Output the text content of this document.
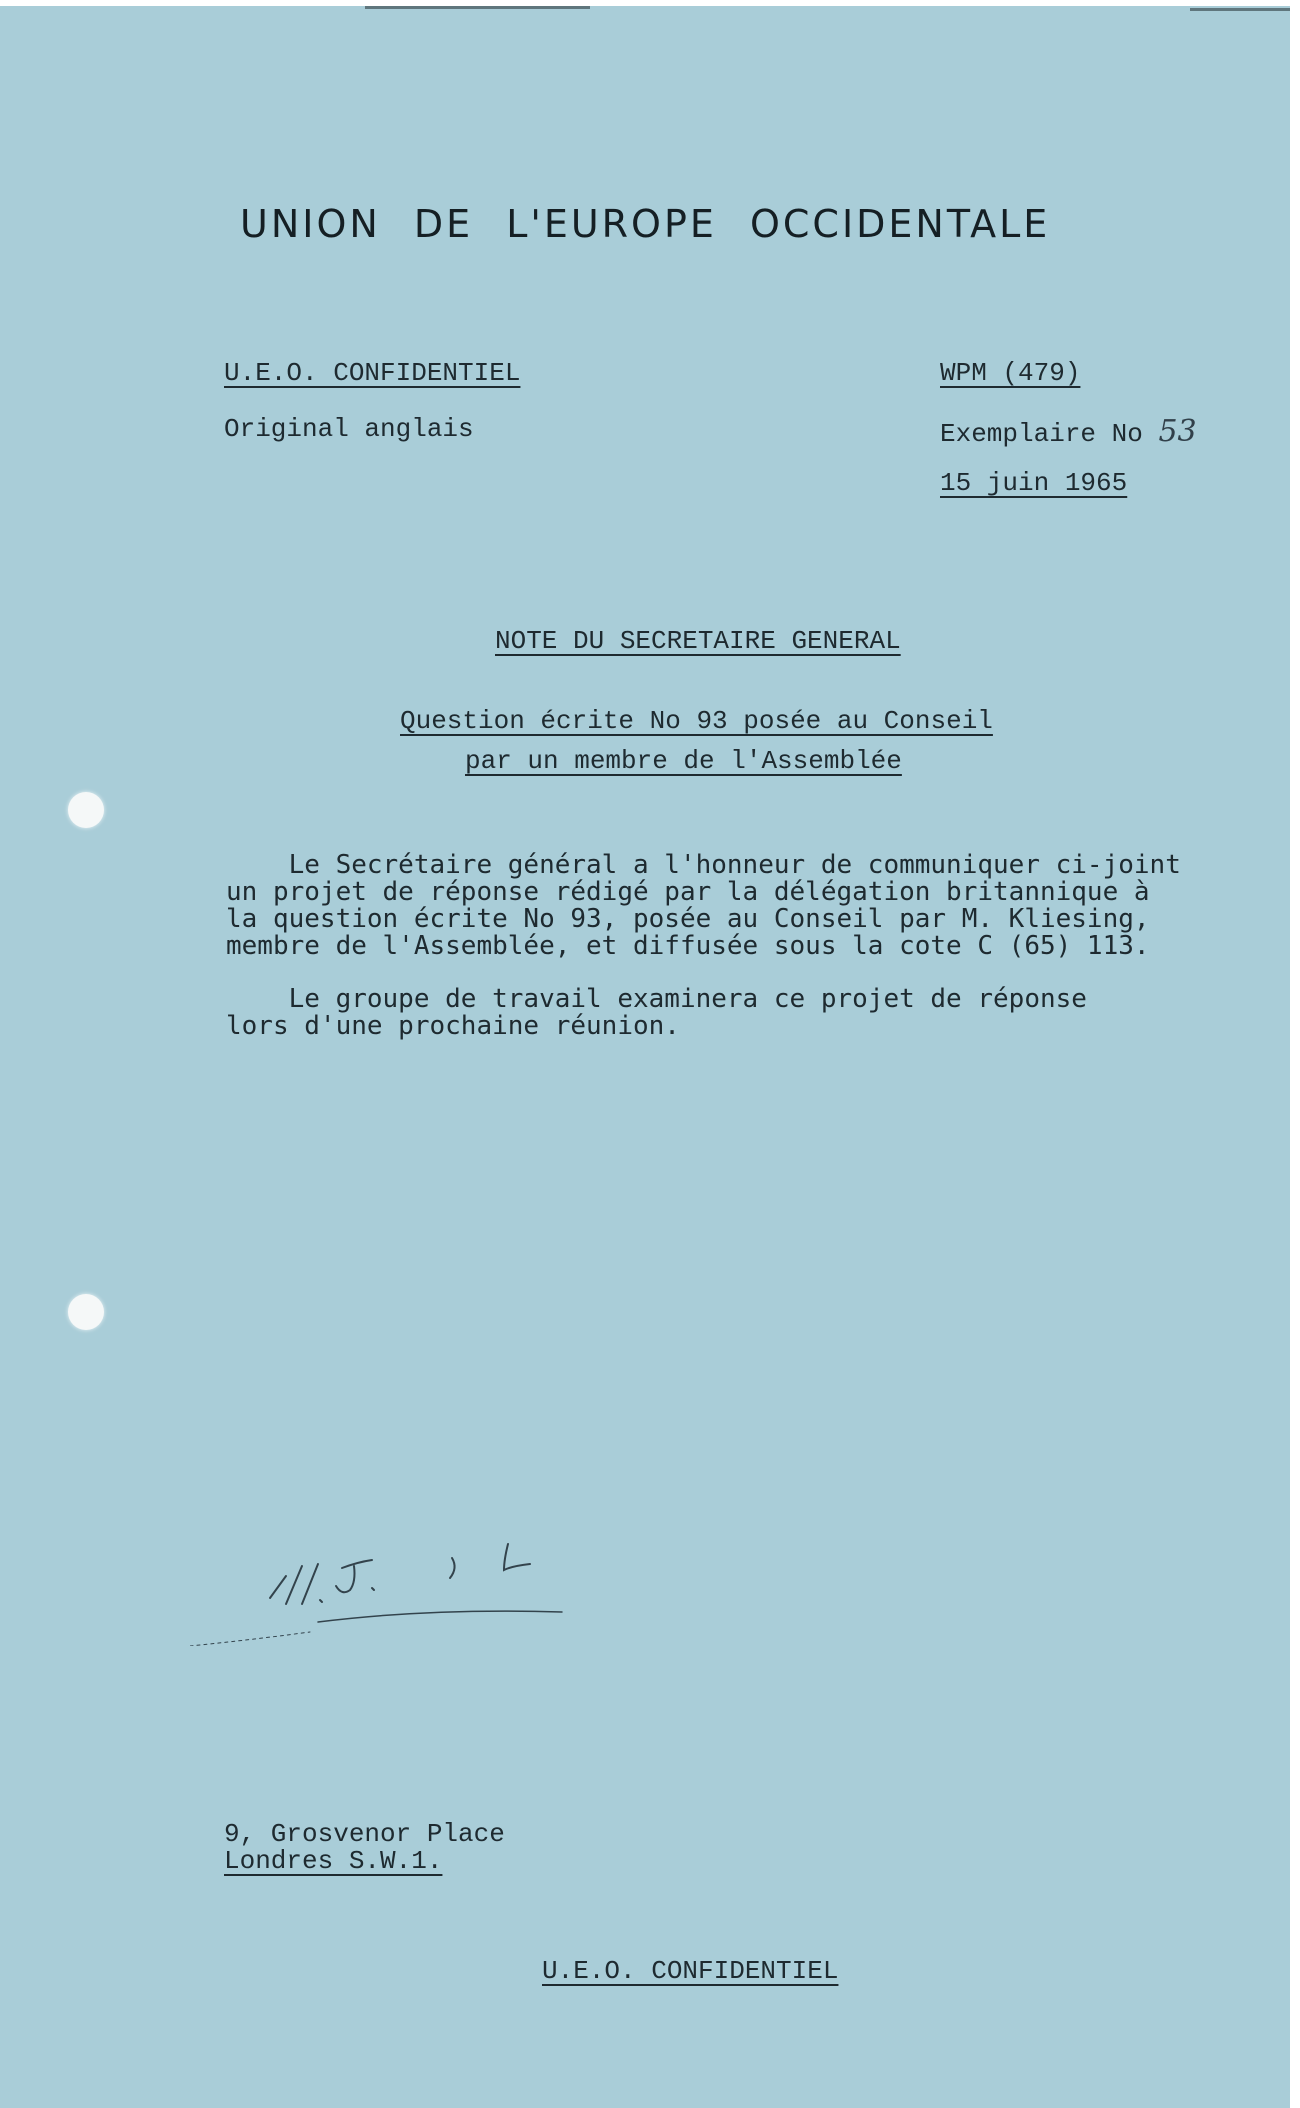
UNION DE L'EUROPE OCCIDENTALE
U.E.O. CONFIDENTIEL
Original anglais
WPM (479)
Exemplaire No 53
15 juin 1965
NOTE DU SECRETAIRE GENERAL
Question écrite No 93 posée au Conseil
par un membre de l'Assemblée
Le Secrétaire général a l'honneur de communiquer ci-joint
un projet de réponse rédigé par la délégation britannique à
la question écrite No 93, posée au Conseil par M. Kliesing,
membre de l'Assemblée, et diffusée sous la cote C (65) 113.
Le groupe de travail examinera ce projet de réponse
lors d'une prochaine réunion.
9, Grosvenor Place
Londres S.W.1.
U.E.O. CONFIDENTIEL
